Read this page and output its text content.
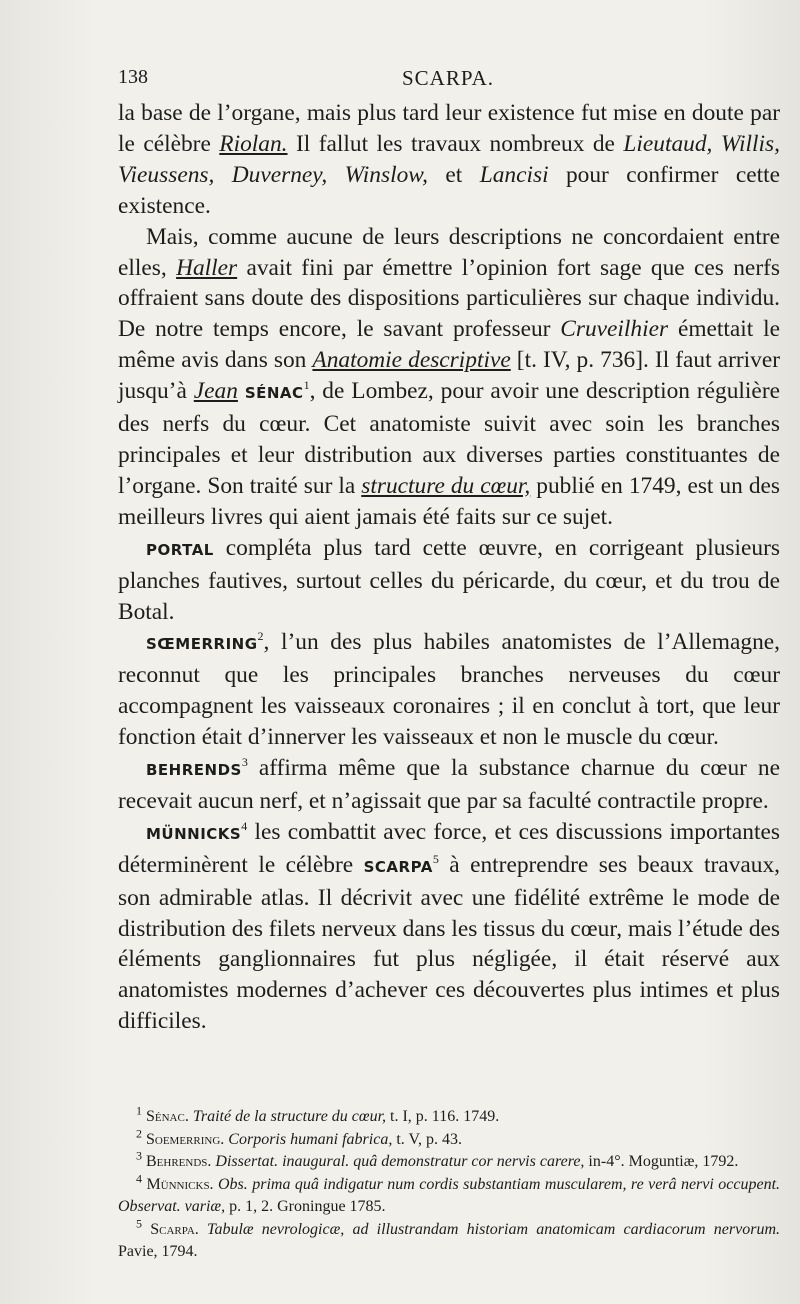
138	SCARPA.

la base de l’organe, mais plus tard leur existence fut mise en doute par le célèbre Riolan. Il fallut les travaux nombreux de Lieutaud, Willis, Vieussens, Duverney, Winslow, et Lancisi pour confirmer cette existence.

Mais, comme aucune de leurs descriptions ne concordaient entre elles, Haller avait fini par émettre l’opinion fort sage que ces nerfs offraient sans doute des dispositions particulières sur chaque individu. De notre temps encore, le savant professeur Cruveilhier émettait le même avis dans son Anatomie descriptive [t. IV, p. 736]. Il faut arriver jusqu’à Jean SÉNAC$^1$, de Lombez, pour avoir une description régulière des nerfs du cœur. Cet anatomiste suivit avec soin les branches principales et leur distribution aux diverses parties constituantes de l’organe. Son traité sur la structure du cœur, publié en 1749, est un des meilleurs livres qui aient jamais été faits sur ce sujet.

PORTAL compléta plus tard cette œuvre, en corrigeant plusieurs planches fautives, surtout celles du péricarde, du cœur, et du trou de Botal.

SŒMERRING$^2$, l’un des plus habiles anatomistes de l’Allemagne, reconnut que les principales branches nerveuses du cœur accompagnent les vaisseaux coronaires ; il en conclut à tort, que leur fonction était d’innerver les vaisseaux et non le muscle du cœur.

BEHRENDS$^3$ affirma même que la substance charnue du cœur ne recevait aucun nerf, et n’agissait que par sa faculté contractile propre.

MÜNNICKS$^4$ les combattit avec force, et ces discussions importantes déterminèrent le célèbre SCARPA$^5$ à entreprendre ses beaux travaux, son admirable atlas. Il décrivit avec une fidélité extrême le mode de distribution des filets nerveux dans les tissus du cœur, mais l’étude des éléments ganglionnaires fut plus négligée, il était réservé aux anatomistes modernes d’achever ces découvertes plus intimes et plus difficiles.

$^1$ Sénac. Traité de la structure du cœur, t. I, p. 116. 1749.

$^2$ Soemerring. Corporis humani fabrica, t. V, p. 43.

$^3$ Behrends. Dissertat. inaugural. quâ demonstratur cor nervis carere, in-4°. Moguntiæ, 1792.

$^4$ Münnicks. Obs. prima quâ indigatur num cordis substantiam muscularem, re verâ nervi occupent. Observat. variæ, p. 1, 2. Groningue 1785.

$^5$ Scarpa. Tabulæ nevrologicæ, ad illustrandam historiam anatomicam cardiacorum nervorum. Pavie, 1794.
